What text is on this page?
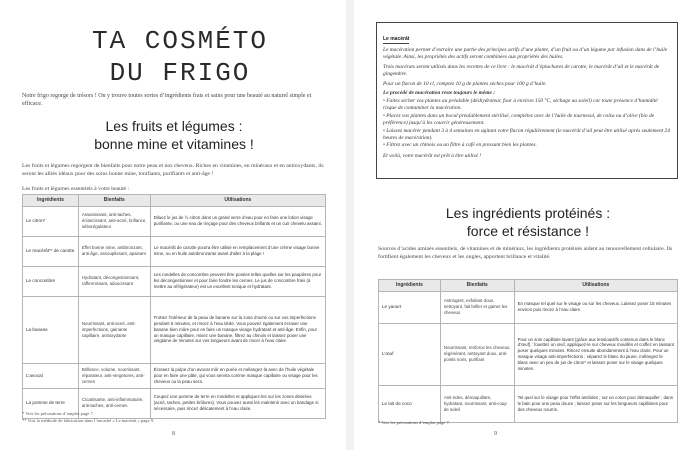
TA COSMÉTO
DU FRIGO

Notre frigo regorge de trésors ! On y trouve toutes sortes d’ingrédients frais et sains pour une beauté au naturel simple et efficace.

Les fruits et légumes :
bonne mine et vitamines !

Les fruits et légumes regorgent de bienfaits pour notre peau et nos cheveux. Riches en vitamines, en minéraux et en antioxydants, ils seront les alliés idéaux pour des soins bonne mine, tonifiants, purifiants et anti-âge !

Les fruits et légumes essentiels à votre beauté :

Ingrédients	Bienfaits	Utilisations
Le citron*	Assainissant, anti-taches, éclaircissant, anti-acné, brillance, séborégulateur	Diluez le jus de ½ citron dans un grand verre d’eau pour en faire une lotion visage purifiante, ou une eau de rinçage pour des cheveux brillants et un cuir chevelu assaini.
Le macérât** de carotte	Effet bonne mine, antibronzant, anti-âge, assouplissant, apaisant	Le macérât de carotte pourra être utilisé en remplacement d’une crème visage bonne mine, ou en huile autobronzante avant d’aller à la plage !
Le concombre	Hydratant, décongestionnant, raffermissant, adoucissant	Les rondelles de concombre peuvent être posées telles quelles sur les paupières pour les décongestionner et pour faire fondre les cernes. Le jus de concombre frais (à mettre au réfrigérateur) est un excellent tonique et hydratant.
La banane	Nourrissant, anti-acné, anti-imperfections, gainante capillaire, antioxydante	Frottez l’intérieur de la peau de banane sur la zone d’acné ou sur vos imperfections pendant 5 minutes, et rincez à l’eau tiède. Vous pouvez également écraser une banane bien mûre pour en faire un masque visage hydratant et anti-âge. Enfin, pour un masque capillaire, mixez une banane, filtrez au chinois et laissez poser une vingtaine de minutes sur vos longueurs avant de rincer à l’eau claire.
L’avocat	Brillance, volume, nourrissant, réparateur, anti-vergetures, anti-cernes	Écrasez la pulpe d’un avocat mûr en purée et mélangez-la avec de l’huile végétale pour en faire une pâte, qui vous servira comme masque capillaire ou visage pour les cheveux ou la peau secs.
La pomme de terre	Cicatrisante, anti-inflammatoire, anti-taches, anti-cernes	Coupez une pomme de terre en rondelles et appliquez-les sur les zones désirées (acné, taches, petites brûlures). Vous pouvez aussi les maintenir avec un bandage si nécessaire, puis rincez délicatement à l’eau claire.
* Voir les précautions d’emploi page 7.
** Voir la méthode de fabrication dans l’encadré « Le macérât » page 9.
8
Le macérât

Le macération permet d’extraire une partie des principes actifs d’une plante, d’un fruit ou d’un légume par infusion dans de l’huile végétale. Ainsi, les propriétés des actifs seront combinées aux propriétés des huiles.

Trois macérats seront utilisés dans les recettes de ce livre : le macérât d’épluchures de carotte, le macérât d’ail et le macérât de gingembre.

Pour un flacon de 10 cl, comptez 10 g de plantes sèches pour 100 g d’huile.

Le procédé de macération reste toujours le même :

• Faites sécher vos plantes au préalable (déshydrateur, four à environ 150 °C, séchage au soleil) car toute présence d’humidité risque de contaminer la macération.
• Placez vos plantes dans un bocal préalablement stérilisé, complétez avec de l’huile de tournesol, de colza ou d’olive (bio de préférence) jusqu’à les couvrir généreusement.
• Laissez macérer pendant 3 à 4 semaines en agitant votre flacon régulièrement (le macérât d’ail peut être utilisé après seulement 24 heures de macération).
• Filtrez avec un chinois ou un filtre à café en pressant bien les plantes.

Et voilà, votre macérât est prêt à être utilisé !

Les ingrédients protéinés :
force et résistance !

Sources d’acides aminés essentiels, de vitamines et de minéraux, les ingrédients protéinés aident au renouvellement cellulaire. Ils fortifient également les cheveux et les ongles, apportent brillance et vitalité.

Ingrédients	Bienfaits	Utilisations
Le yaourt	Astringent, exfoliant doux, nettoyant, fait briller et gainer les cheveux	En masque tel quel sur le visage ou sur les cheveux. Laissez poser 15 minutes environ puis rincez à l’eau claire.
L’œuf	Nourrissant, renforce les cheveux, régénérant, nettoyant doux, anti-points noirs, purifiant	Pour un soin capillaire lavant (grâce aux tensioactifs contenus dans le blanc d’œuf) : fouettez un œuf, appliquez-le sur cheveux mouillés et coiffez en laissant poser quelques minutes. Rincez ensuite abondamment à l’eau claire. Pour un masque visage anti-imperfections : séparez le blanc du jaune, mélangez le blanc avec un peu de jus de citron* et laissez poser sur le visage quelques minutes.
Le lait de coco	Anti-rides, démaquillant, hydratant, nourrissant, anti-coup de soleil	Tel quel sur le visage pour l’effet antirides ; sur un coton pour démaquiller ; dans le bain pour une peau douce ; laissez poser sur les longueurs capillaires pour des cheveux nourris.
* Voir les précautions d’emploi page 7.
9
